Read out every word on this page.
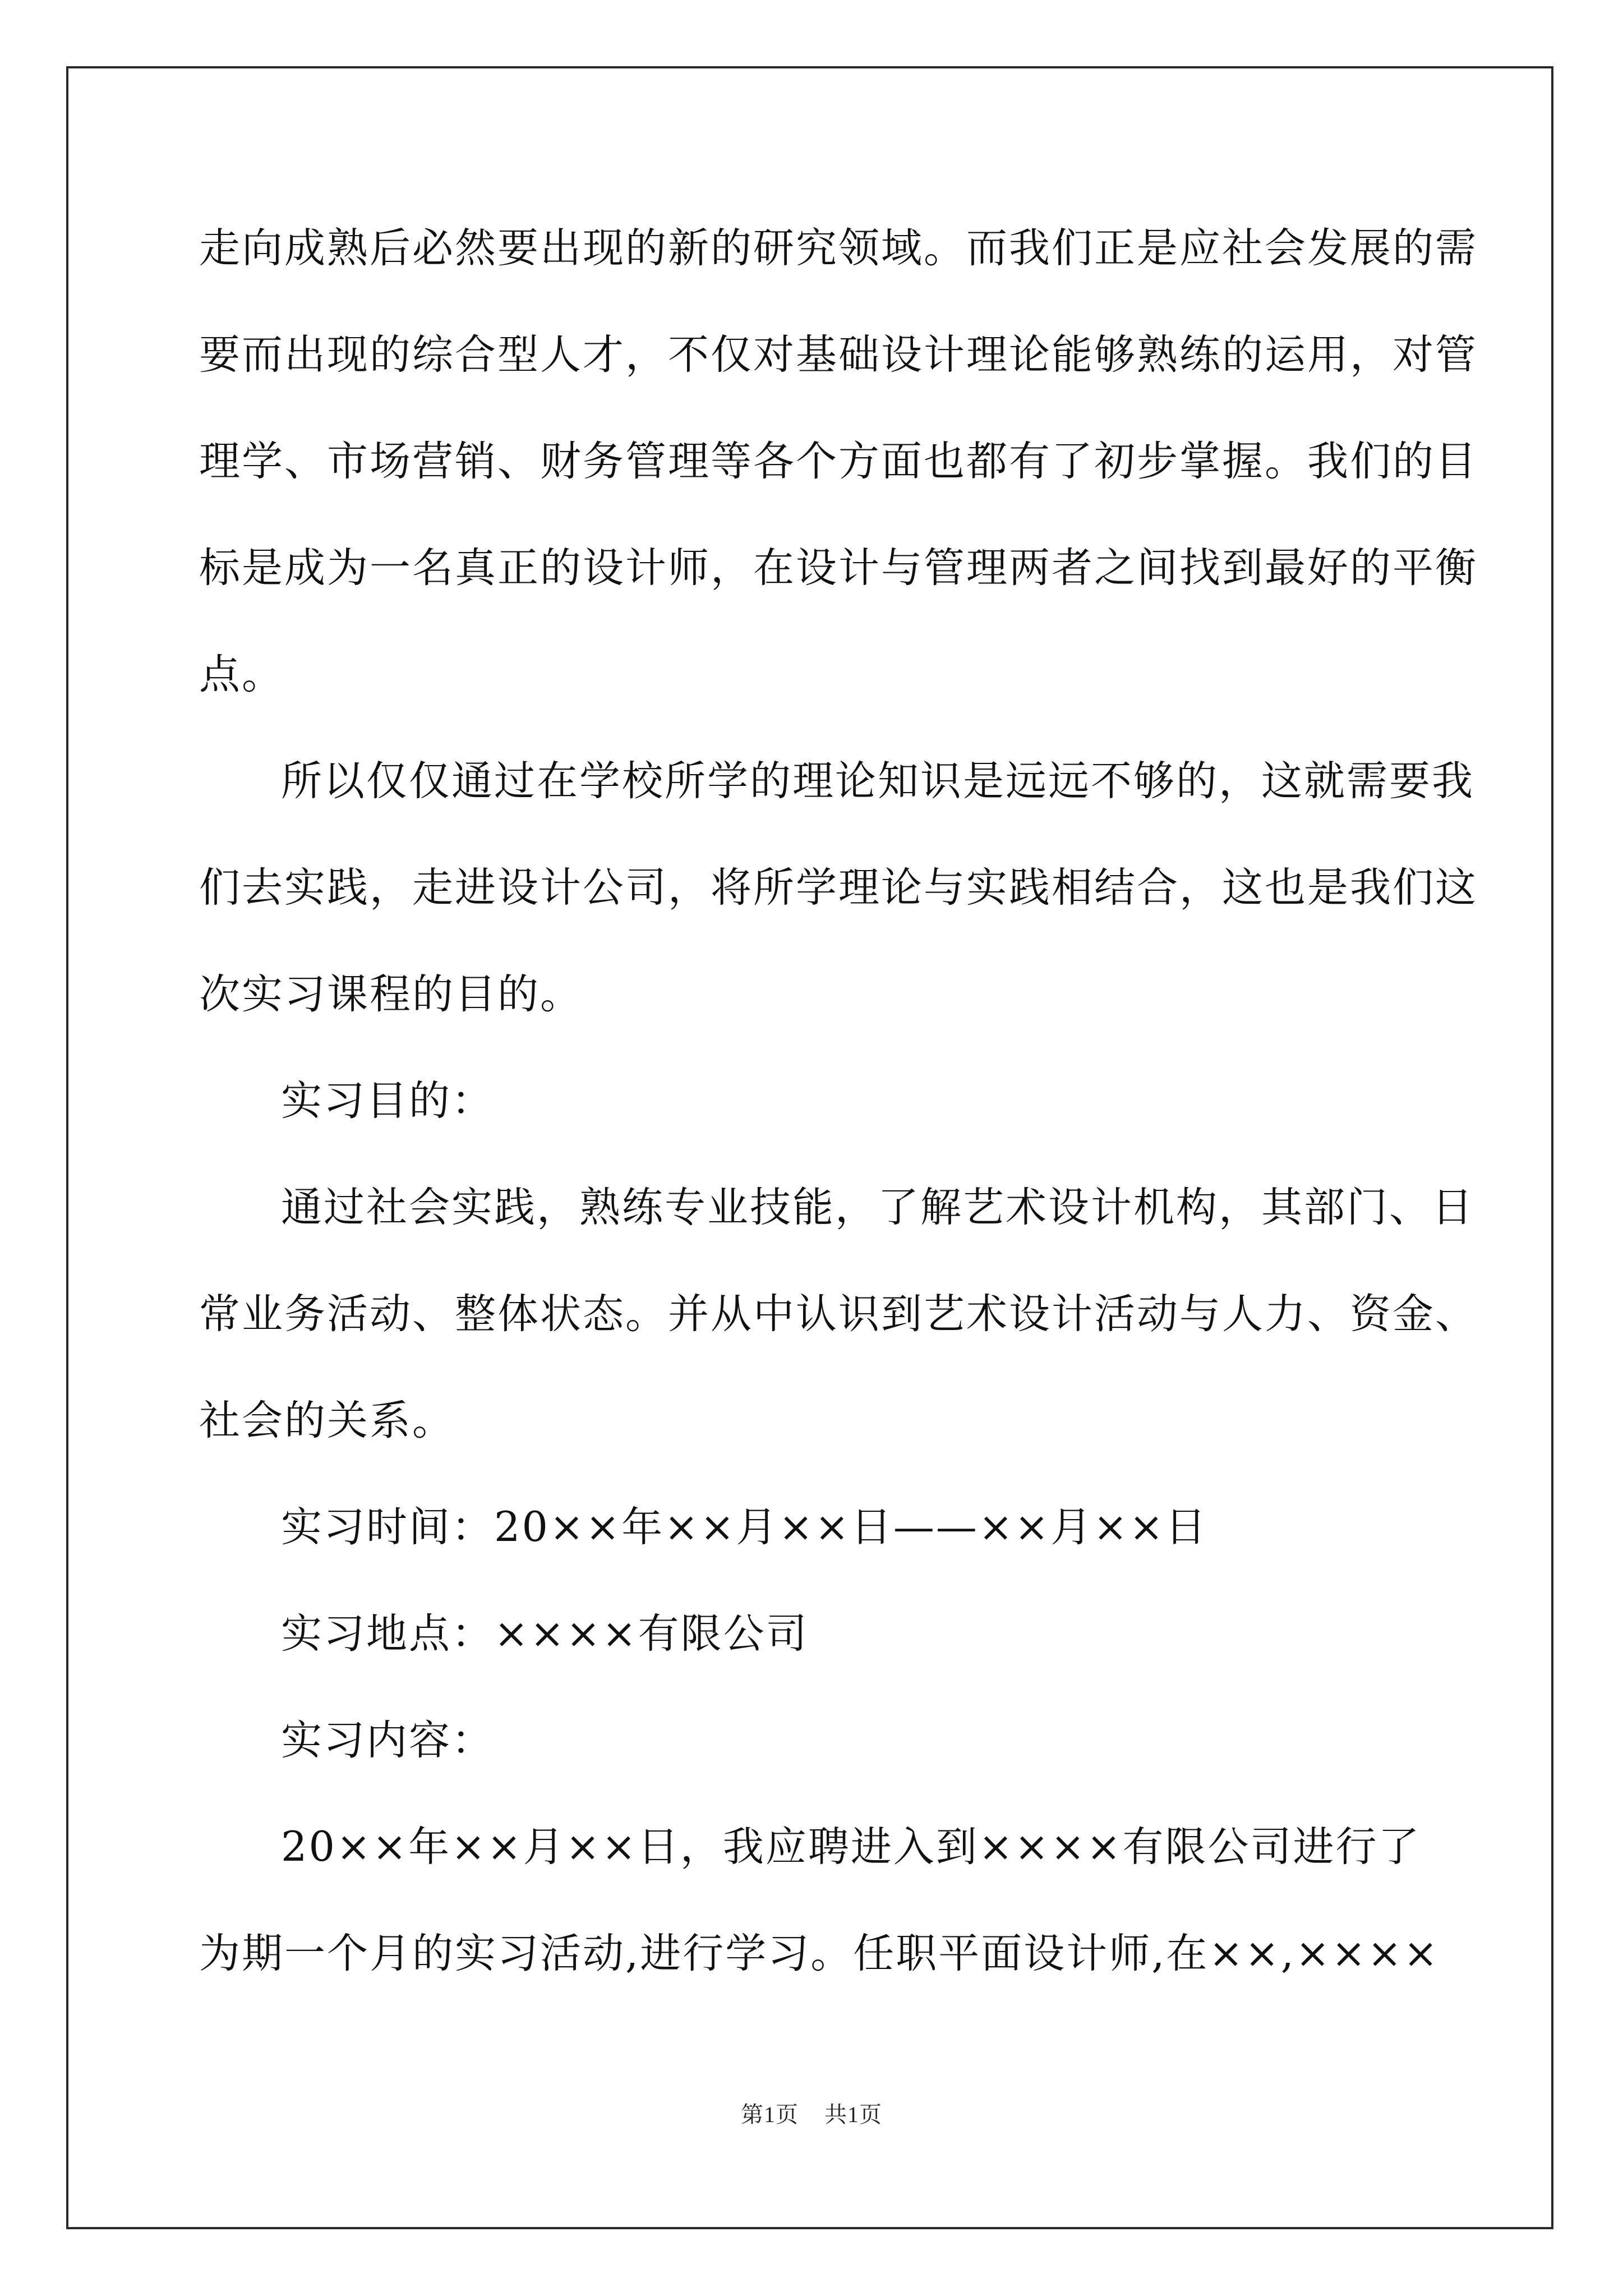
走向成熟后必然要出现的新的研究领域。而我们正是应社会发展的需
要而出现的综合型人才，不仅对基础设计理论能够熟练的运用，对管
理学、市场营销、财务管理等各个方面也都有了初步掌握。我们的目
标是成为一名真正的设计师，在设计与管理两者之间找到最好的平衡
点。

所以仅仅通过在学校所学的理论知识是远远不够的，这就需要我
们去实践，走进设计公司，将所学理论与实践相结合，这也是我们这
次实习课程的目的。

实习目的：

通过社会实践，熟练专业技能，了解艺术设计机构，其部门、日
常业务活动、整体状态。并从中认识到艺术设计活动与人力、资金、
社会的关系。

实习时间：20××年××月××日——××月××日

实习地点：××××有限公司

实习内容：

20××年××月××日，我应聘进入到××××有限公司进行了
为期一个月的实习活动,进行学习。任职平面设计师,在××,××××

第1页 共1页
